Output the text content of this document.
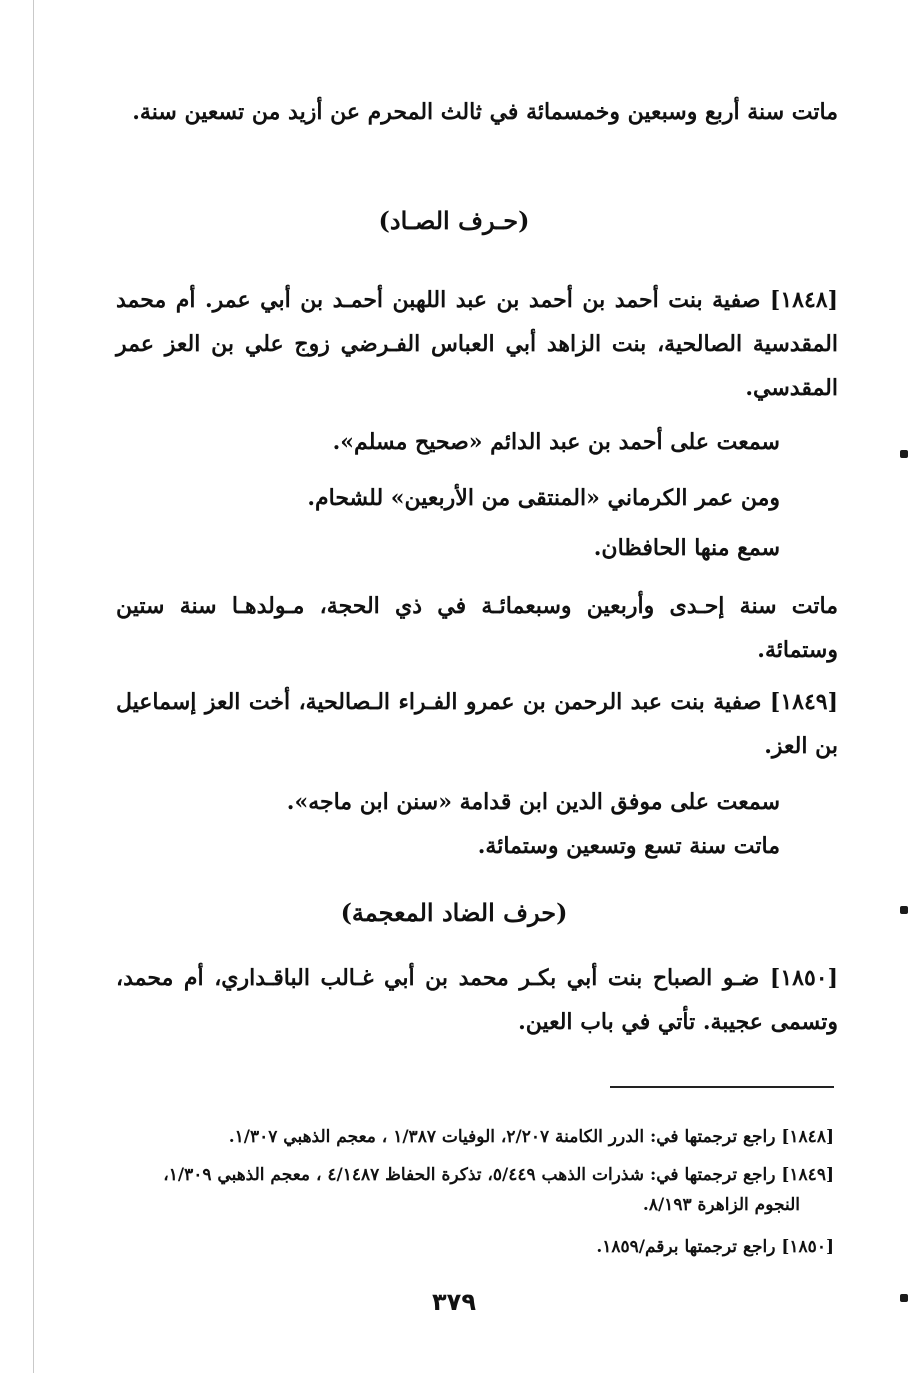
ماتت سنة أربع وسبعين وخمسمائة في ثالث المحرم عن أزيد من تسعين سنة.
(حـرف الصـاد)
[١٨٤٨] صفية بنت أحمد بن أحمد بن عبد اللهبن أحمـد بن أبي عمر. أم محمد المقدسية الصالحية، بنت الزاهد أبي العباس الفـرضي زوج علي بن العز عمر المقدسي.
سمعت على أحمد بن عبد الدائم «صحيح مسلم».
ومن عمر الكرماني «المنتقى من الأربعين» للشحام.
سمع منها الحافظان.
ماتت سنة إحـدى وأربعين وسبعمائـة في ذي الحجة، مـولدهـا سنة ستين وستمائة.
[١٨٤٩] صفية بنت عبد الرحمن بن عمرو الفـراء الـصالحية، أخت العز إسماعيل بن العز.
سمعت على موفق الدين ابن قدامة «سنن ابن ماجه».
ماتت سنة تسع وتسعين وستمائة.
(حرف الضاد المعجمة)
[١٨٥٠] ضـو الصباح بنت أبي بكـر محمد بن أبي غـالب الباقـداري، أم محمد، وتسمى عجيبة. تأتي في باب العين.
[١٨٤٨] راجع ترجمتها في: الدرر الكامنة ٢/٢٠٧، الوفيات ١/٣٨٧ ، معجم الذهبي ١/٣٠٧.
[١٨٤٩] راجع ترجمتها في: شذرات الذهب ٥/٤٤٩، تذكرة الحفاظ ٤/١٤٨٧ ، معجم الذهبي ١/٣٠٩،
النجوم الزاهرة ٨/١٩٣.
[١٨٥٠] راجع ترجمتها برقم/١٨٥٩.
٣٧٩
